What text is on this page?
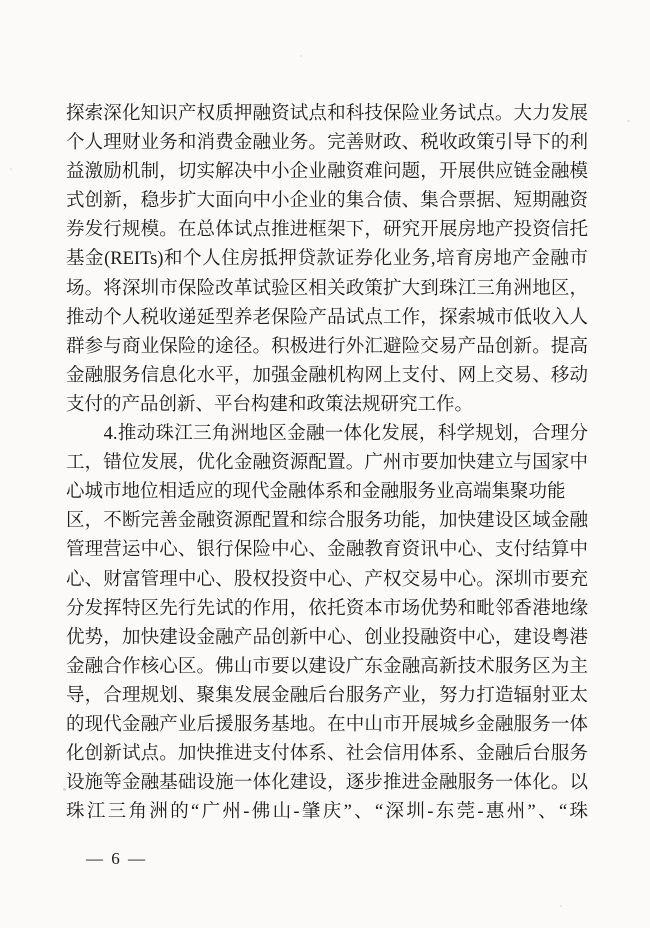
探索深化知识产权质押融资试点和科技保险业务试点。大力发展
个人理财业务和消费金融业务。完善财政、税收政策引导下的利
益激励机制，切实解决中小企业融资难问题，开展供应链金融模
式创新，稳步扩大面向中小企业的集合债、集合票据、短期融资
券发行规模。在总体试点推进框架下，研究开展房地产投资信托
基金(REITs)和个人住房抵押贷款证券化业务,培育房地产金融市
场。将深圳市保险改革试验区相关政策扩大到珠江三角洲地区，
推动个人税收递延型养老保险产品试点工作，探索城市低收入人
群参与商业保险的途径。积极进行外汇避险交易产品创新。提高
金融服务信息化水平，加强金融机构网上支付、网上交易、移动
支付的产品创新、平台构建和政策法规研究工作。
　　4.推动珠江三角洲地区金融一体化发展，科学规划，合理分
工，错位发展，优化金融资源配置。广州市要加快建立与国家中
心城市地位相适应的现代金融体系和金融服务业高端集聚功能
区，不断完善金融资源配置和综合服务功能，加快建设区域金融
管理营运中心、银行保险中心、金融教育资讯中心、支付结算中
心、财富管理中心、股权投资中心、产权交易中心。深圳市要充
分发挥特区先行先试的作用，依托资本市场优势和毗邻香港地缘
优势，加快建设金融产品创新中心、创业投融资中心，建设粤港
金融合作核心区。佛山市要以建设广东金融高新技术服务区为主
导，合理规划、聚集发展金融后台服务产业，努力打造辐射亚太
的现代金融产业后援服务基地。在中山市开展城乡金融服务一体
化创新试点。加快推进支付体系、社会信用体系、金融后台服务
设施等金融基础设施一体化建设，逐步推进金融服务一体化。以
珠江三角洲的“广州-佛山-肇庆”、“深圳-东莞-惠州”、“珠
— 6 —
